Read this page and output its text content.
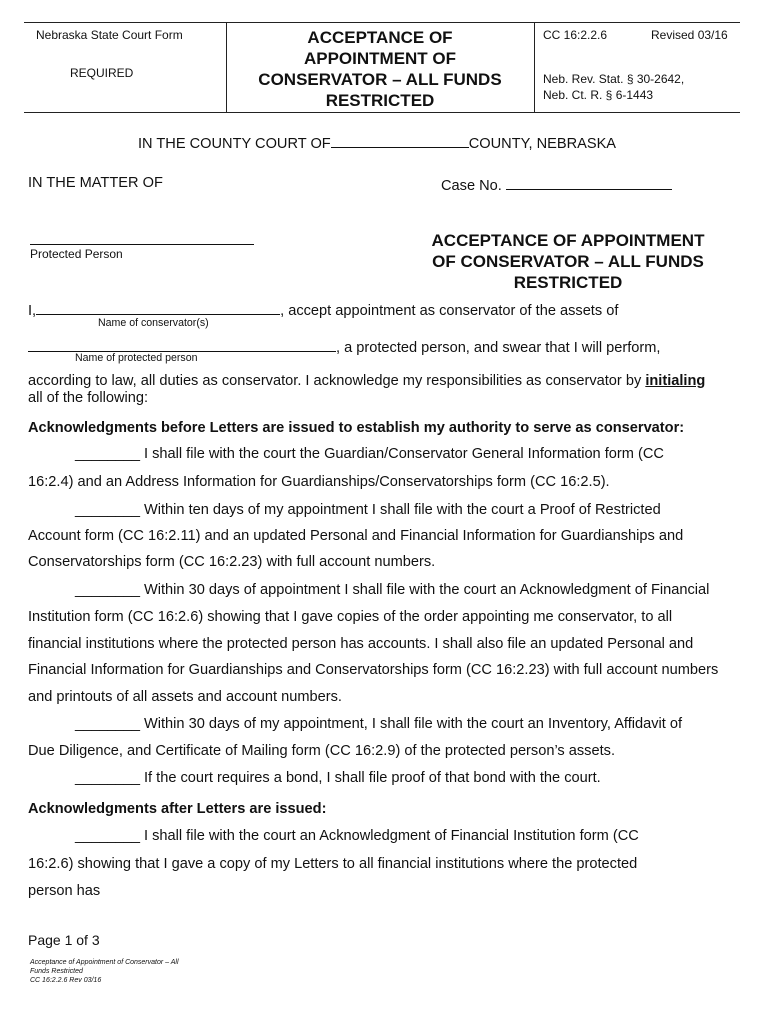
Nebraska State Court Form
REQUIRED
ACCEPTANCE OF
APPOINTMENT OF
CONSERVATOR – ALL FUNDS
RESTRICTED
CC 16:2.2.6	Revised 03/16
Neb. Rev. Stat. § 30-2642,
Neb. Ct. R. § 6-1443
IN THE COUNTY COURT OF	COUNTY, NEBRASKA
IN THE MATTER OF	Case No.
Protected Person
ACCEPTANCE OF APPOINTMENT
OF CONSERVATOR – ALL FUNDS
RESTRICTED
I,	, accept appointment as conservator of the assets of
Name of conservator(s)
, a protected person, and swear that I will perform,
Name of protected person
according to law, all duties as conservator. I acknowledge my responsibilities as conservator by initialing
all of the following:
Acknowledgments before Letters are issued to establish my authority to serve as conservator:
________ I shall file with the court the Guardian/Conservator General Information form (CC
16:2.4) and an Address Information for Guardianships/Conservatorships form (CC 16:2.5).
________ Within ten days of my appointment I shall file with the court a Proof of Restricted
Account form (CC 16:2.11) and an updated Personal and Financial Information for Guardianships and
Conservatorships form (CC 16:2.23) with full account numbers.
________ Within 30 days of appointment I shall file with the court an Acknowledgment of Financial
Institution form (CC 16:2.6) showing that I gave copies of the order appointing me conservator, to all
financial institutions where the protected person has accounts. I shall also file an updated Personal and
Financial Information for Guardianships and Conservatorships form (CC 16:2.23) with full account numbers
and printouts of all assets and account numbers.
________ Within 30 days of my appointment, I shall file with the court an Inventory, Affidavit of
Due Diligence, and Certificate of Mailing form (CC 16:2.9) of the protected person’s assets.
________ If the court requires a bond, I shall file proof of that bond with the court.
Acknowledgments after Letters are issued:
________ I shall file with the court an Acknowledgment of Financial Institution form (CC
16:2.6) showing that I gave a copy of my Letters to all financial institutions where the protected
person has
Page 1 of 3
Acceptance of Appointment of Conservator – All
Funds Restricted
CC 16:2.2.6 Rev 03/16
